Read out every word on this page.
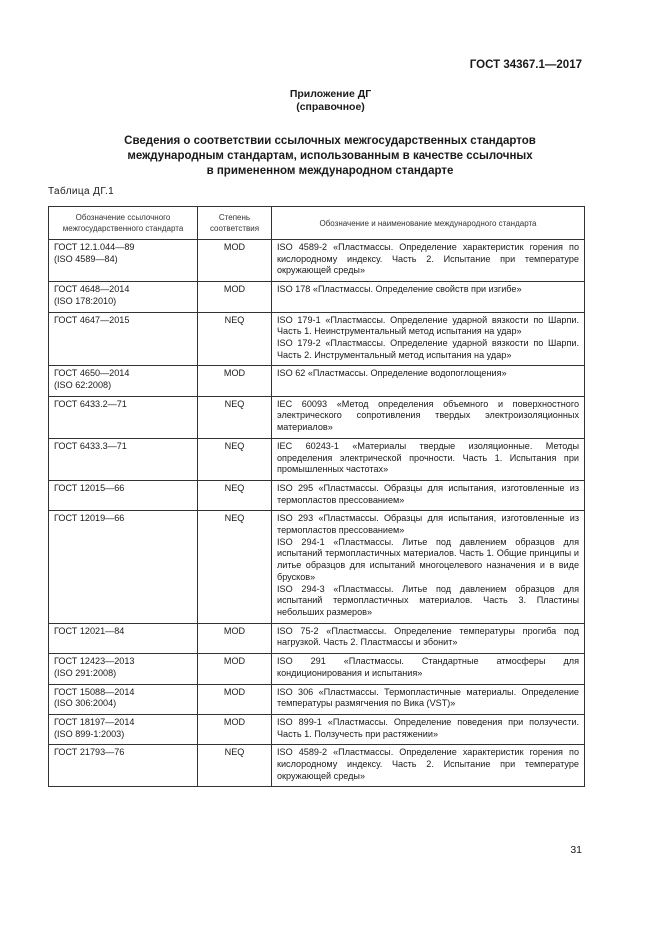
ГОСТ 34367.1—2017
Приложение ДГ
(справочное)
Сведения о соответствии ссылочных межгосударственных стандартов
международным стандартам, использованным в качестве ссылочных
в примененном международном стандарте
Таблица ДГ.1
Обозначение ссылочного межгосударственного стандарта	Степень соответствия	Обозначение и наименование международного стандарта
ГОСТ 12.1.044—89
(ISO 4589—84)	MOD	ISO 4589-2 «Пластмассы. Определение характеристик горения по кислородному индексу. Часть 2. Испытание при температуре окружающей среды»
ГОСТ 4648—2014
(ISO 178:2010)	MOD	ISO 178 «Пластмассы. Определение свойств при изгибе»
ГОСТ 4647—2015	NEQ	ISO 179-1 «Пластмассы. Определение ударной вязкости по Шарпи. Часть 1. Неинструментальный метод испытания на удар»
ISO 179-2 «Пластмассы. Определение ударной вязкости по Шарпи. Часть 2. Инструментальный метод испытания на удар»
ГОСТ 4650—2014
(ISO 62:2008)	MOD	ISO 62 «Пластмассы. Определение водопоглощения»
ГОСТ 6433.2—71	NEQ	IEC 60093 «Метод определения объемного и поверхностного электрического сопротивления твердых электроизоляционных материалов»
ГОСТ 6433.3—71	NEQ	IEC 60243-1 «Материалы твердые изоляционные. Методы определения электрической прочности. Часть 1. Испытания при промышленных частотах»
ГОСТ 12015—66	NEQ	ISO 295 «Пластмассы. Образцы для испытания, изготовленные из термопластов прессованием»
ГОСТ 12019—66	NEQ	ISO 293 «Пластмассы. Образцы для испытания, изготовленные из термопластов прессованием»
ISO 294-1 «Пластмассы. Литье под давлением образцов для испытаний термопластичных материалов. Часть 1. Общие принципы и литье образцов для испытаний многоцелевого назначения и в виде брусков»
ISO 294-3 «Пластмассы. Литье под давлением образцов для испытаний термопластичных материалов. Часть 3. Пластины небольших размеров»
ГОСТ 12021—84	MOD	ISO 75-2 «Пластмассы. Определение температуры прогиба под нагрузкой. Часть 2. Пластмассы и эбонит»
ГОСТ 12423—2013
(ISO 291:2008)	MOD	ISO 291 «Пластмассы. Стандартные атмосферы для кондиционирования и испытания»
ГОСТ 15088—2014
(ISO 306:2004)	MOD	ISO 306 «Пластмассы. Термопластичные материалы. Определение температуры размягчения по Вика (VST)»
ГОСТ 18197—2014
(ISO 899-1:2003)	MOD	ISO 899-1 «Пластмассы. Определение поведения при ползучести. Часть 1. Ползучесть при растяжении»
ГОСТ 21793—76	NEQ	ISO 4589-2 «Пластмассы. Определение характеристик горения по кислородному индексу. Часть 2. Испытание при температуре окружающей среды»
31
